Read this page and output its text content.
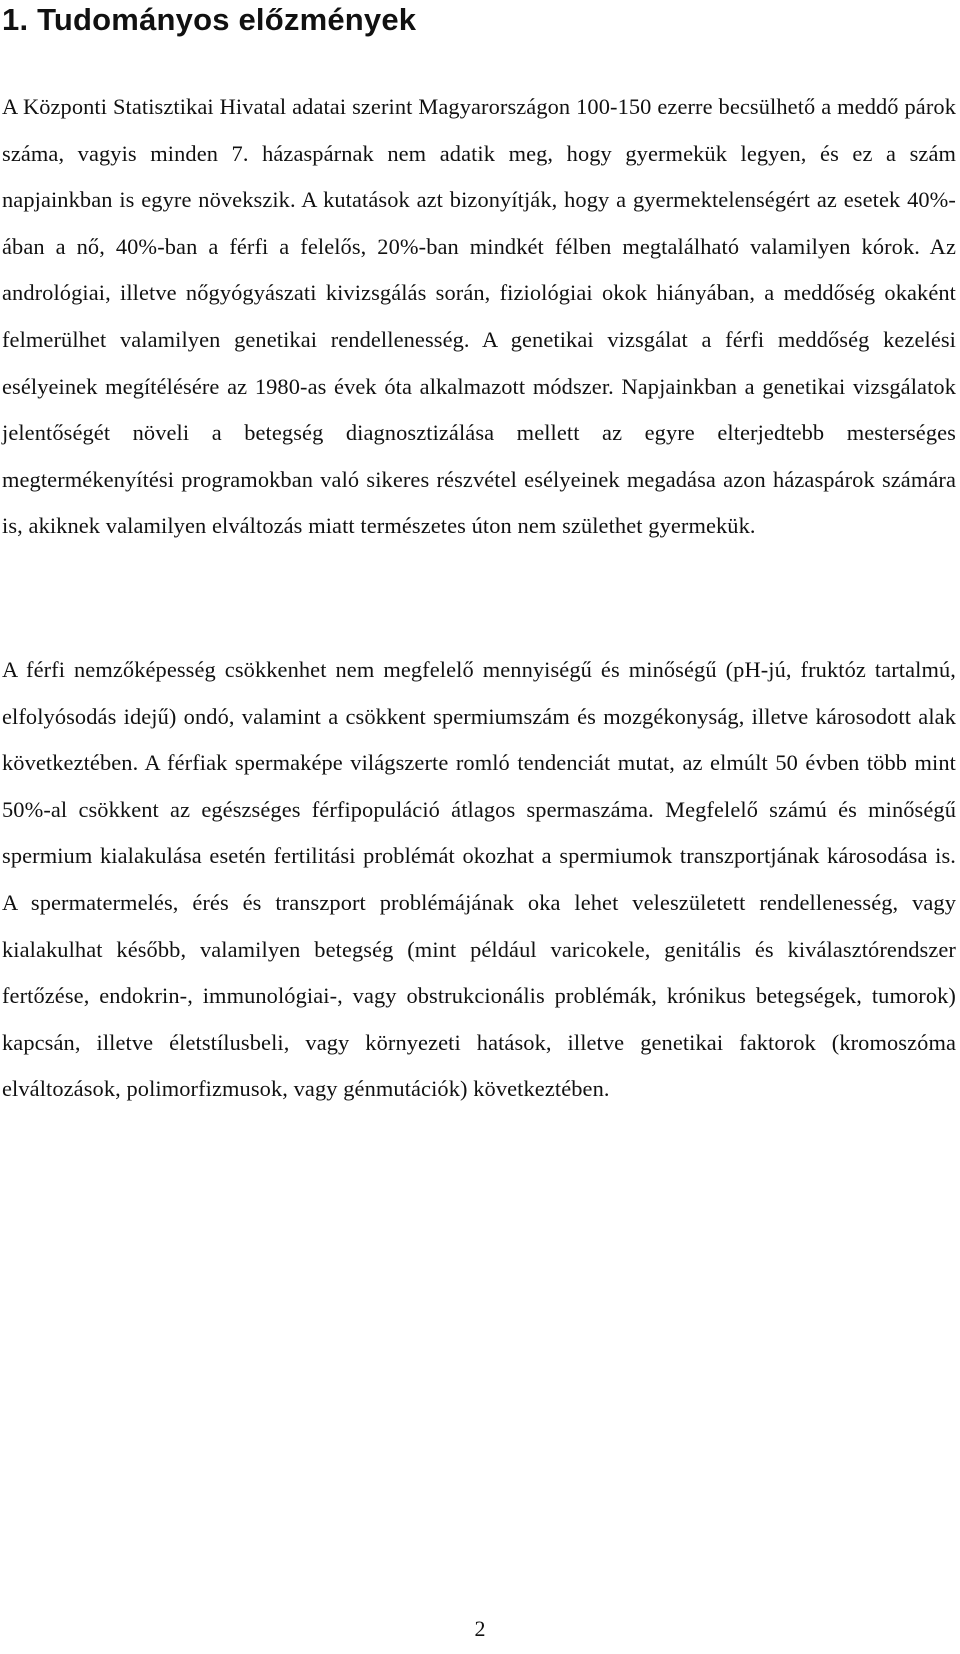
1. Tudományos előzmények

A Központi Statisztikai Hivatal adatai szerint Magyarországon 100-150 ezerre becsülhető a meddő párok száma, vagyis minden 7. házaspárnak nem adatik meg, hogy gyermekük legyen, és ez a szám napjainkban is egyre növekszik. A kutatások azt bizonyítják, hogy a gyermektelenségért az esetek 40%-ában a nő, 40%-ban a férfi a felelős, 20%-ban mindkét félben megtalálható valamilyen kórok. Az andrológiai, illetve nőgyógyászati kivizsgálás során, fiziológiai okok hiányában, a meddőség okaként felmerülhet valamilyen genetikai rendellenesség. A genetikai vizsgálat a férfi meddőség kezelési esélyeinek megítélésére az 1980-as évek óta alkalmazott módszer. Napjainkban a genetikai vizsgálatok jelentőségét növeli a betegség diagnosztizálása mellett az egyre elterjedtebb mesterséges megtermékenyítési programokban való sikeres részvétel esélyeinek megadása azon házaspárok számára is, akiknek valamilyen elváltozás miatt természetes úton nem születhet gyermekük.

A férfi nemzőképesség csökkenhet nem megfelelő mennyiségű és minőségű (pH-jú, fruktóz tartalmú, elfolyósodás idejű) ondó, valamint a csökkent spermiumszám és mozgékonyság, illetve károsodott alak következtében. A férfiak spermaképe világszerte romló tendenciát mutat, az elmúlt 50 évben több mint 50%-al csökkent az egészséges férfipopuláció átlagos spermaszáma. Megfelelő számú és minőségű spermium kialakulása esetén fertilitási problémát okozhat a spermiumok transzportjának károsodása is. A spermatermelés, érés és transzport problémájának oka lehet veleszületett rendellenesség, vagy kialakulhat később, valamilyen betegség (mint például varicokele, genitális és kiválasztórendszer fertőzése, endokrin-, immunológiai-, vagy obstrukcionális problémák, krónikus betegségek, tumorok) kapcsán, illetve életstílusbeli, vagy környezeti hatások, illetve genetikai faktorok (kromoszóma elváltozások, polimorfizmusok, vagy génmutációk) következtében.

2
